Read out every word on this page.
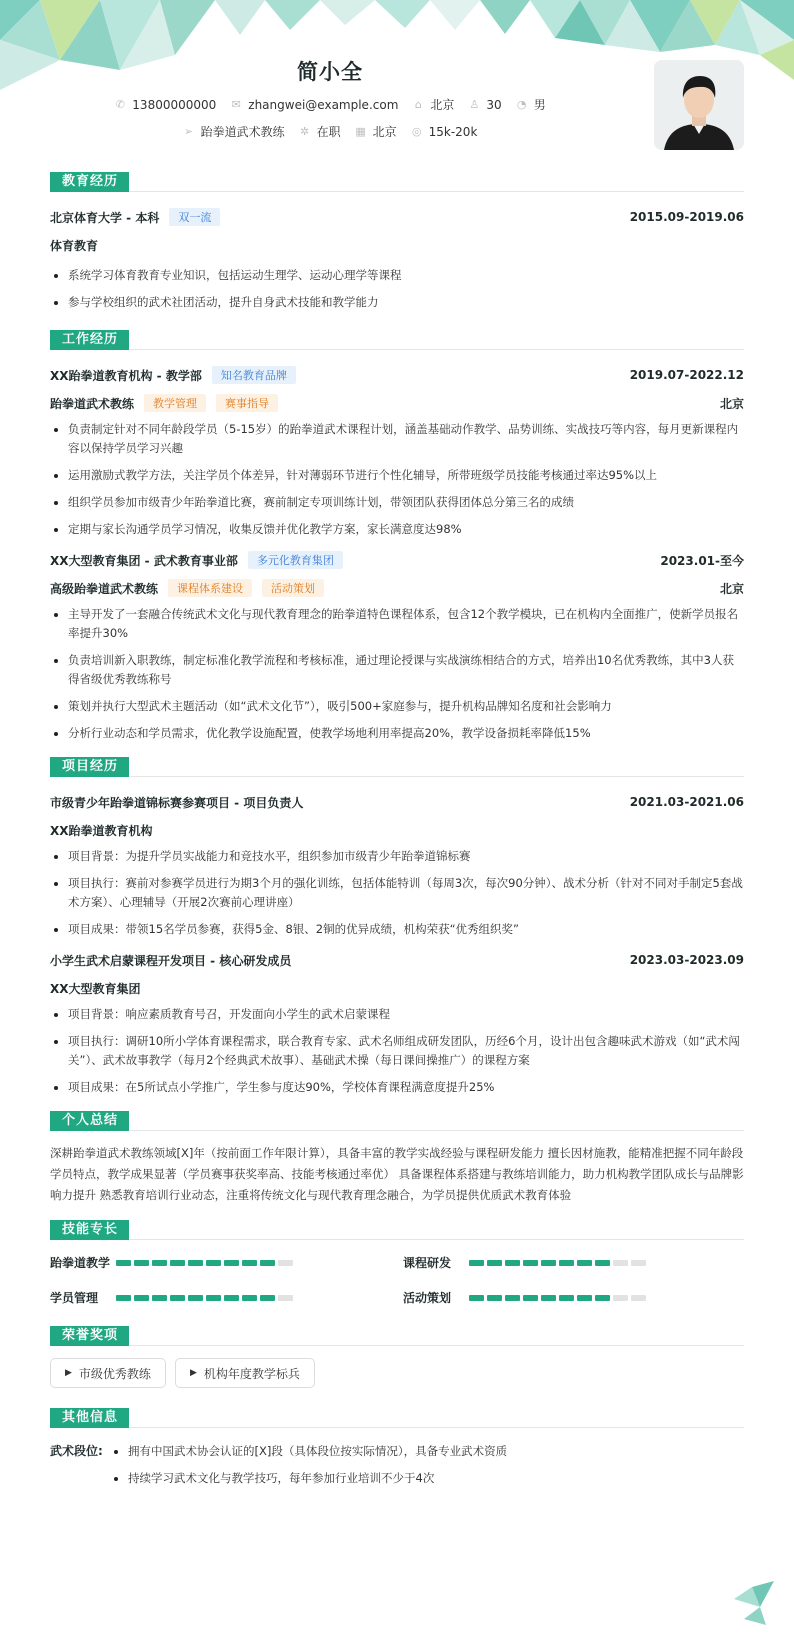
简小全
✆ 13800000000 ✉ zhangwei@example.com ⌂ 北京 ♙ 30 ◔ 男
➢ 跆拳道武术教练 ✲ 在职 ▦ 北京 ◎ 15k-20k
教育经历
北京体育大学 - 本科	双一流	2015.09-2019.06
体育教育
系统学习体育教育专业知识，包括运动生理学、运动心理学等课程
参与学校组织的武术社团活动，提升自身武术技能和教学能力
工作经历
XX跆拳道教育机构 - 教学部	知名教育品牌	2019.07-2022.12
跆拳道武术教练	教学管理	赛事指导	北京
负责制定针对不同年龄段学员（5-15岁）的跆拳道武术课程计划，涵盖基础动作教学、品势训练、实战技巧等内容，每月更新课程内容以保持学员学习兴趣
运用激励式教学方法，关注学员个体差异，针对薄弱环节进行个性化辅导，所带班级学员技能考核通过率达95%以上
组织学员参加市级青少年跆拳道比赛，赛前制定专项训练计划，带领团队获得团体总分第三名的成绩
定期与家长沟通学员学习情况，收集反馈并优化教学方案，家长满意度达98%
XX大型教育集团 - 武术教育事业部	多元化教育集团	2023.01-至今
高级跆拳道武术教练	课程体系建设	活动策划	北京
主导开发了一套融合传统武术文化与现代教育理念的跆拳道特色课程体系，包含12个教学模块，已在机构内全面推广，使新学员报名率提升30%
负责培训新入职教练，制定标准化教学流程和考核标准，通过理论授课与实战演练相结合的方式，培养出10名优秀教练，其中3人获得省级优秀教练称号
策划并执行大型武术主题活动（如“武术文化节”），吸引500+家庭参与，提升机构品牌知名度和社会影响力
分析行业动态和学员需求，优化教学设施配置，使教学场地利用率提高20%，教学设备损耗率降低15%
项目经历
市级青少年跆拳道锦标赛参赛项目 - 项目负责人	2021.03-2021.06
XX跆拳道教育机构
项目背景：为提升学员实战能力和竞技水平，组织参加市级青少年跆拳道锦标赛
项目执行：赛前对参赛学员进行为期3个月的强化训练，包括体能特训（每周3次，每次90分钟）、战术分析（针对不同对手制定5套战术方案）、心理辅导（开展2次赛前心理讲座）
项目成果：带领15名学员参赛，获得5金、8银、2铜的优异成绩，机构荣获“优秀组织奖”
小学生武术启蒙课程开发项目 - 核心研发成员	2023.03-2023.09
XX大型教育集团
项目背景：响应素质教育号召，开发面向小学生的武术启蒙课程
项目执行：调研10所小学体育课程需求，联合教育专家、武术名师组成研发团队，历经6个月，设计出包含趣味武术游戏（如“武术闯关”）、武术故事教学（每月2个经典武术故事）、基础武术操（每日课间操推广）的课程方案
项目成果：在5所试点小学推广，学生参与度达90%，学校体育课程满意度提升25%
个人总结

深耕跆拳道武术教练领域[X]年（按前面工作年限计算），具备丰富的教学实战经验与课程研发能力 擅长因材施教，能精准把握不同年龄段学员特点，教学成果显著（学员赛事获奖率高、技能考核通过率优） 具备课程体系搭建与教练培训能力，助力机构教学团队成长与品牌影响力提升 熟悉教育培训行业动态，注重将传统文化与现代教育理念融合，为学员提供优质武术教育体验

技能专长
跆拳道教学	课程研发
学员管理	活动策划
荣誉奖项
▶ 市级优秀教练	▶ 机构年度教学标兵
其他信息
武术段位:	拥有中国武术协会认证的[X]段（具体段位按实际情况），具备专业武术资质
持续学习武术文化与教学技巧，每年参加行业培训不少于4次
